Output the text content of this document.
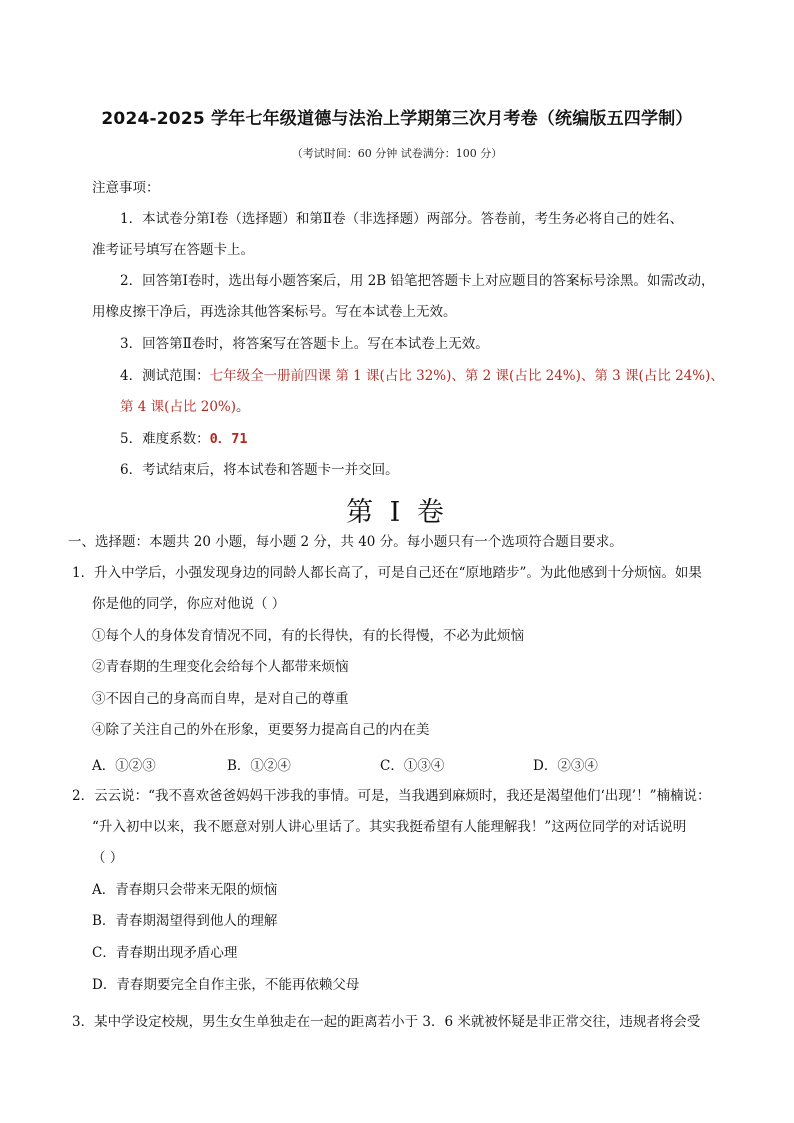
2024-2025 学年七年级道德与法治上学期第三次月考卷（统编版五四学制）
（考试时间：60 分钟 试卷满分：100 分）
注意事项：
1．本试卷分第Ⅰ卷（选择题）和第Ⅱ卷（非选择题）两部分。答卷前，考生务必将自己的姓名、
准考证号填写在答题卡上。
2．回答第Ⅰ卷时，选出每小题答案后，用 2B 铅笔把答题卡上对应题目的答案标号涂黑。如需改动，
用橡皮擦干净后，再选涂其他答案标号。写在本试卷上无效。
3．回答第Ⅱ卷时，将答案写在答题卡上。写在本试卷上无效。
4．测试范围：七年级全一册前四课 第 1 课(占比 32%)、第 2 课(占比 24%)、第 3 课(占比 24%)、
第 4 课(占比 20%)。
5．难度系数：0．71
6．考试结束后，将本试卷和答题卡一并交回。
第 I 卷
一、选择题：本题共 20 小题，每小题 2 分，共 40 分。每小题只有一个选项符合题目要求。
1．升入中学后，小强发现身边的同龄人都长高了，可是自己还在“原地踏步”。为此他感到十分烦恼。如果
你是他的同学，你应对他说（ ）
①每个人的身体发育情况不同，有的长得快，有的长得慢，不必为此烦恼
②青春期的生理变化会给每个人都带来烦恼
③不因自己的身高而自卑，是对自己的尊重
④除了关注自己的外在形象，更要努力提高自己的内在美
A．①②③	B．①②④	C．①③④	D．②③④
2．云云说：“我不喜欢爸爸妈妈干涉我的事情。可是，当我遇到麻烦时，我还是渴望他们‘出现’！”楠楠说：
“升入初中以来，我不愿意对别人讲心里话了。其实我挺希望有人能理解我！”这两位同学的对话说明
（ ）
A．青春期只会带来无限的烦恼
B．青春期渴望得到他人的理解
C．青春期出现矛盾心理
D．青春期要完全自作主张，不能再依赖父母
3．某中学设定校规，男生女生单独走在一起的距离若小于 3．6 米就被怀疑是非正常交往，违规者将会受
